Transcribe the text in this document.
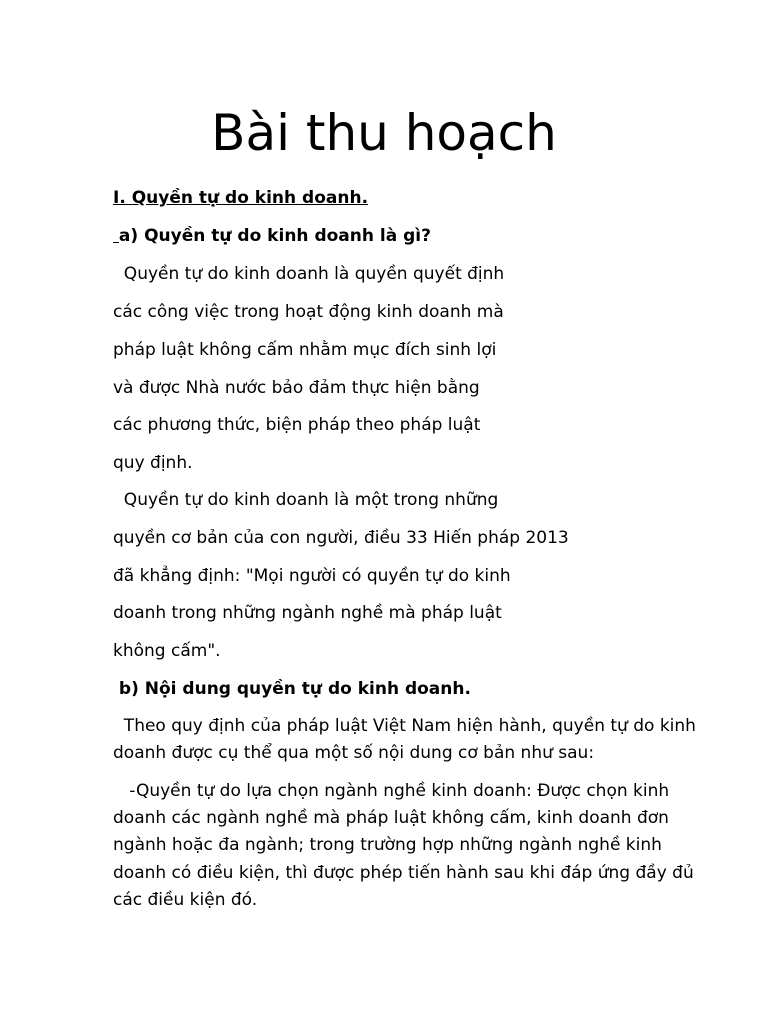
Bài thu hoạch

I. Quyền tự do kinh doanh.

a) Quyền tự do kinh doanh là gì?

Quyền tự do kinh doanh là quyền quyết định

các công việc trong hoạt động kinh doanh mà

pháp luật không cấm nhằm mục đích sinh lợi

và được Nhà nước bảo đảm thực hiện bằng

các phương thức, biện pháp theo pháp luật

quy định.

Quyền tự do kinh doanh là một trong những

quyền cơ bản của con người, điều 33 Hiến pháp 2013

đã khẳng định: "Mọi người có quyền tự do kinh

doanh trong những ngành nghề mà pháp luật

không cấm".

b) Nội dung quyền tự do kinh doanh.

Theo quy định của pháp luật Việt Nam hiện hành, quyền tự do kinh

doanh được cụ thể qua một số nội dung cơ bản như sau:

-Quyền tự do lựa chọn ngành nghề kinh doanh: Được chọn kinh

doanh các ngành nghề mà pháp luật không cấm, kinh doanh đơn

ngành hoặc đa ngành; trong trường hợp những ngành nghề kinh

doanh có điều kiện, thì được phép tiến hành sau khi đáp ứng đầy đủ

các điều kiện đó.
